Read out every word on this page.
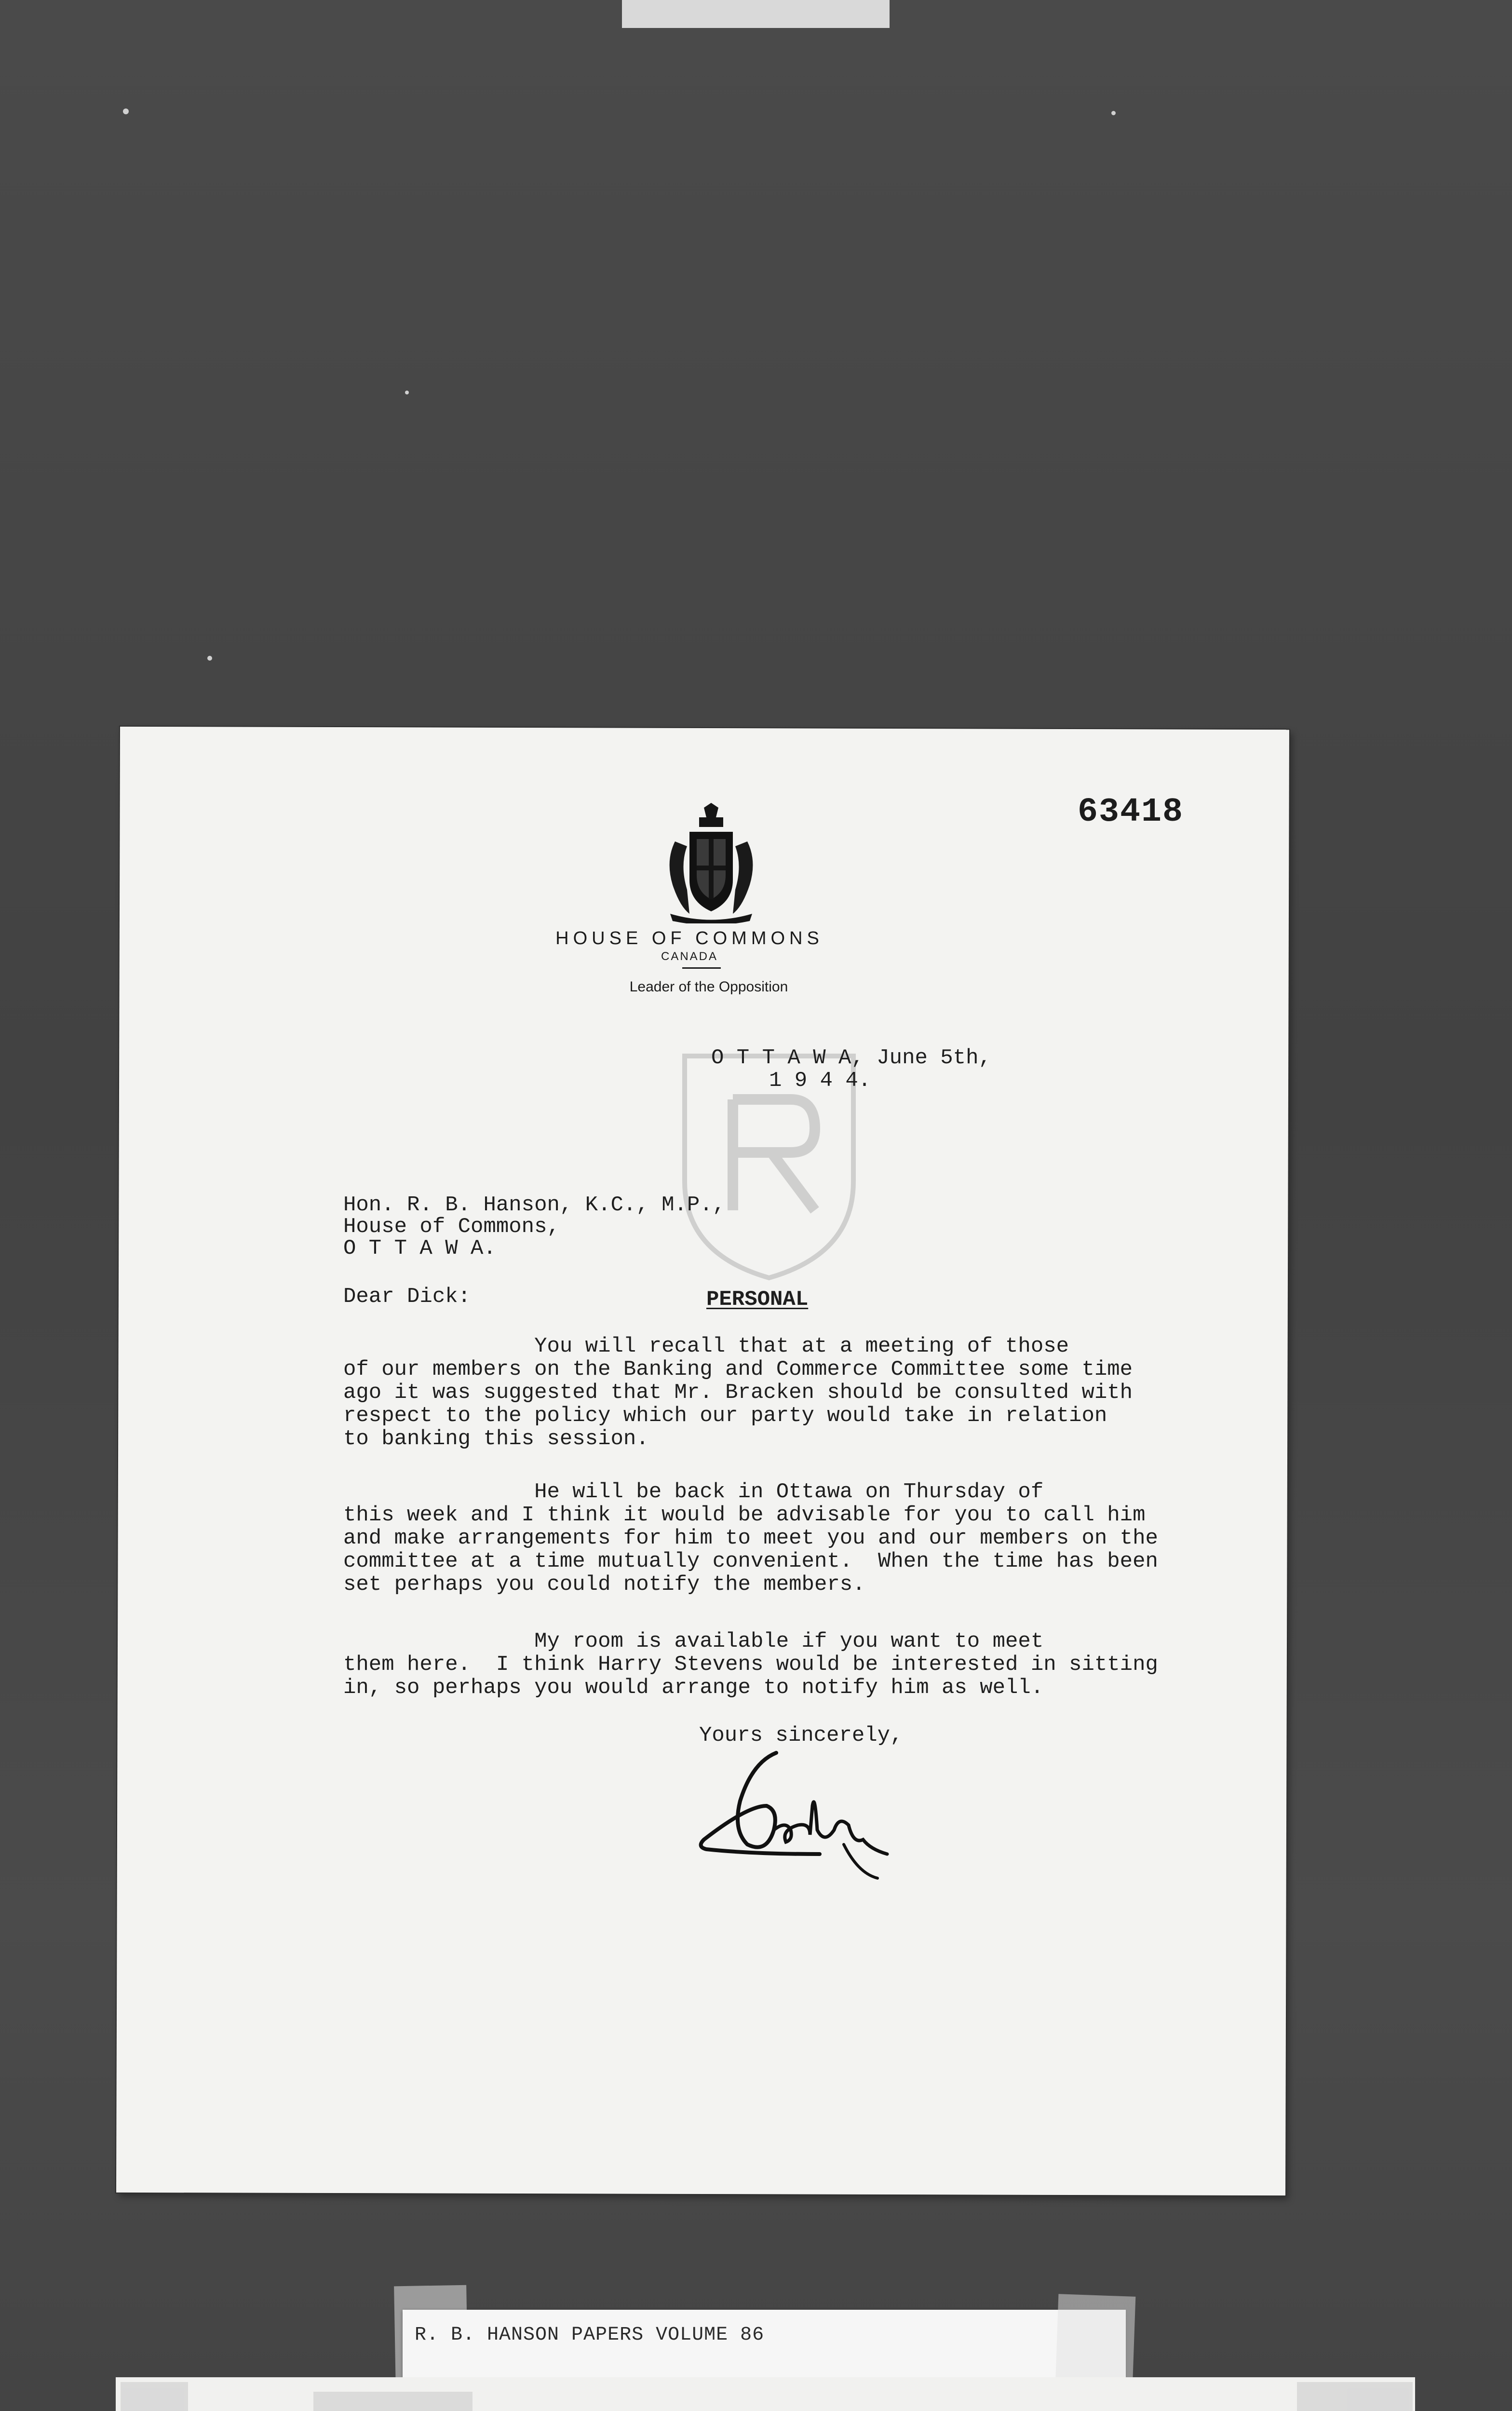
63418
HOUSE OF COMMONS
CANADA
Leader of the Opposition
O T T A W A, June 5th,
1 9 4 4.
Hon. R. B. Hanson, K.C., M.P.,
House of Commons,
O T T A W A.
Dear Dick:	PERSONAL
You will recall that at a meeting of those
of our members on the Banking and Commerce Committee some time
ago it was suggested that Mr. Bracken should be consulted with
respect to the policy which our party would take in relation
to banking this session.
He will be back in Ottawa on Thursday of
this week and I think it would be advisable for you to call him
and make arrangements for him to meet you and our members on the
committee at a time mutually convenient.  When the time has been
set perhaps you could notify the members.
My room is available if you want to meet
them here.  I think Harry Stevens would be interested in sitting
in, so perhaps you would arrange to notify him as well.
Yours sincerely,
R. B. HANSON PAPERS VOLUME 86
